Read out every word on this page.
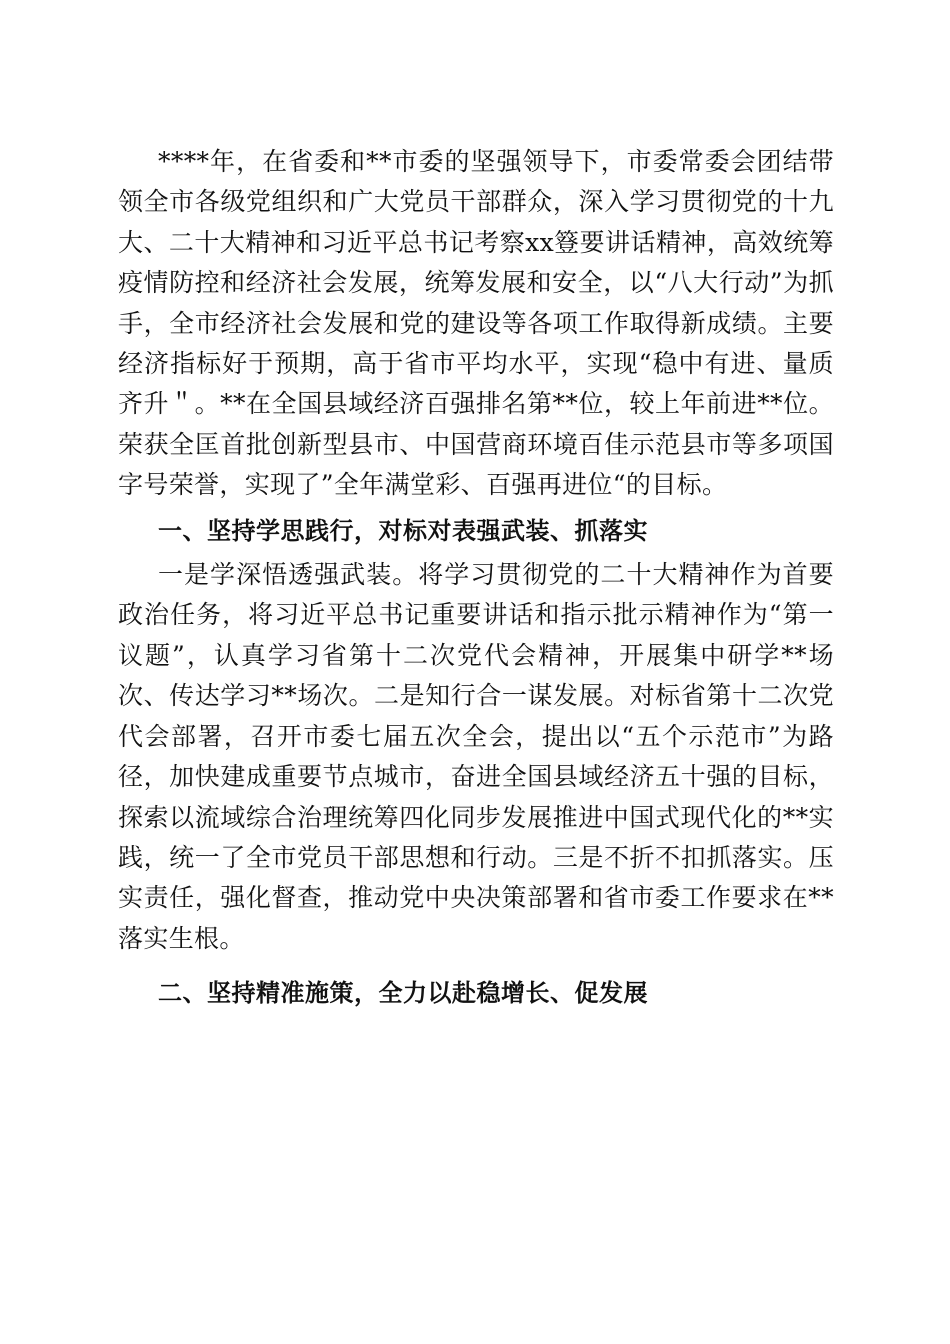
****年，在省委和**市委的坚强领导下，市委常委会团结带领全市各级党组织和广大党员干部群众，深入学习贯彻党的十九大、二十大精神和习近平总书记考察xx簦要讲话精神，高效统筹疫情防控和经济社会发展，统筹发展和安全，以“八大行动”为抓手，全市经济社会发展和党的建设等各项工作取得新成绩。主要经济指标好于预期，高于省市平均水平，实现“稳中有进、量质齐升＂。**在全国县域经济百强排名第**位，较上年前进**位。荣获全匡首批创新型县市、中国营商环境百佳示范县市等多项国字号荣誉，实现了”全年满堂彩、百强再进位“的目标。

一、坚持学思践行，对标对表强武装、抓落实

一是学深悟透强武装。将学习贯彻党的二十大精神作为首要政治任务，将习近平总书记重要讲话和指示批示精神作为“第一议题”，认真学习省第十二次党代会精神，开展集中研学**场次、传达学习**场次。二是知行合一谋发展。对标省第十二次党代会部署，召开市委七届五次全会，提出以“五个示范市”为路径，加快建成重要节点城市，奋进全国县域经济五十强的目标，探索以流域综合治理统筹四化同步发展推进中国式现代化的**实践，统一了全市党员干部思想和行动。三是不折不扣抓落实。压实责任，强化督查，推动党中央决策部署和省市委工作要求在**落实生根。

二、坚持精准施策，全力以赴稳增长、促发展
